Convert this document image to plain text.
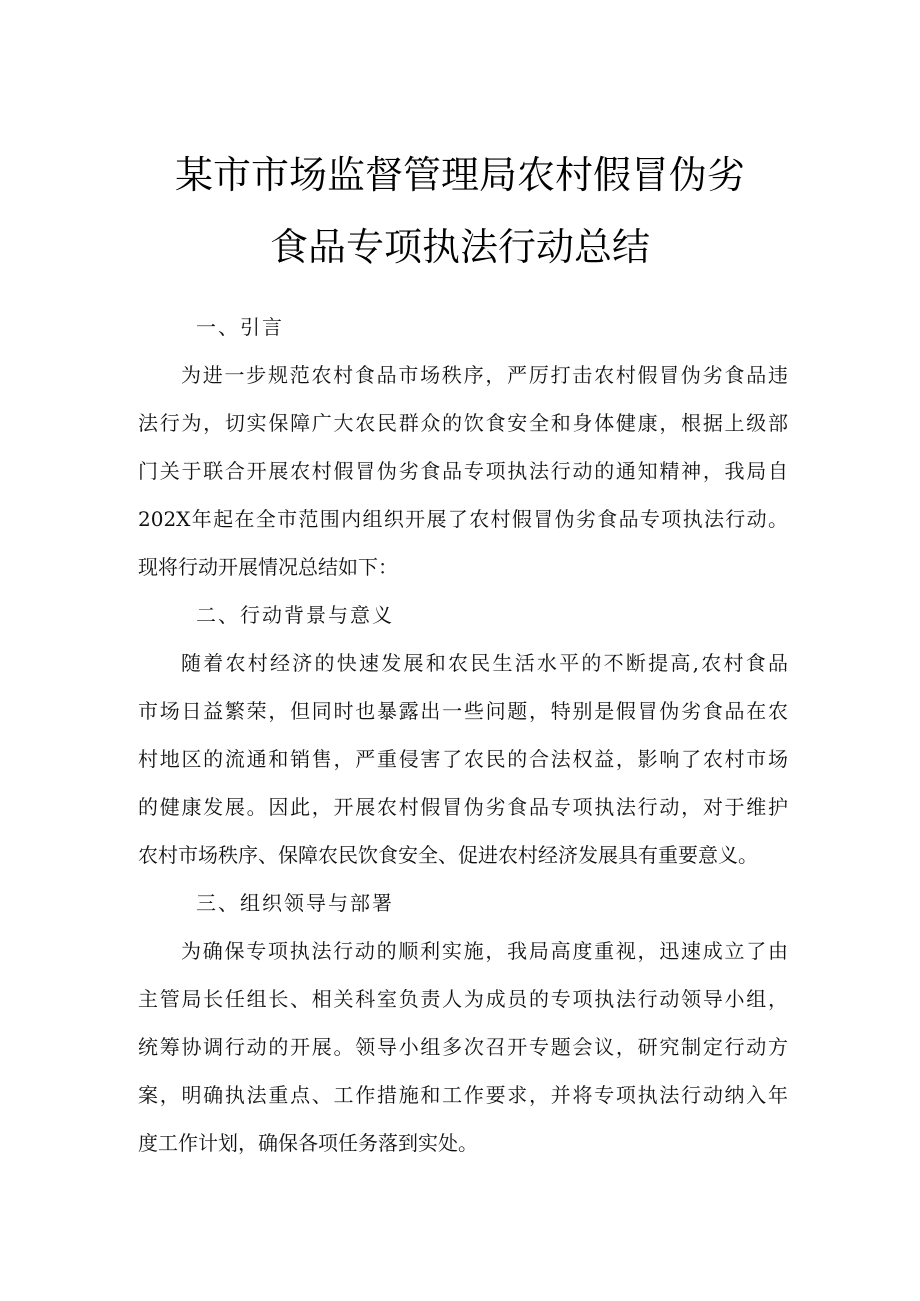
某市市场监督管理局农村假冒伪劣
食品专项执法行动总结
一、引言
为进一步规范农村食品市场秩序，严厉打击农村假冒伪劣食品违
法行为，切实保障广大农民群众的饮食安全和身体健康，根据上级部
门关于联合开展农村假冒伪劣食品专项执法行动的通知精神，我局自
202X年起在全市范围内组织开展了农村假冒伪劣食品专项执法行动。
现将行动开展情况总结如下：
二、行动背景与意义
随着农村经济的快速发展和农民生活水平的不断提高,农村食品
市场日益繁荣，但同时也暴露出一些问题，特别是假冒伪劣食品在农
村地区的流通和销售，严重侵害了农民的合法权益，影响了农村市场
的健康发展。因此，开展农村假冒伪劣食品专项执法行动，对于维护
农村市场秩序、保障农民饮食安全、促进农村经济发展具有重要意义。
三、组织领导与部署
为确保专项执法行动的顺利实施，我局高度重视，迅速成立了由
主管局长任组长、相关科室负责人为成员的专项执法行动领导小组，
统筹协调行动的开展。领导小组多次召开专题会议，研究制定行动方
案，明确执法重点、工作措施和工作要求，并将专项执法行动纳入年
度工作计划，确保各项任务落到实处。
